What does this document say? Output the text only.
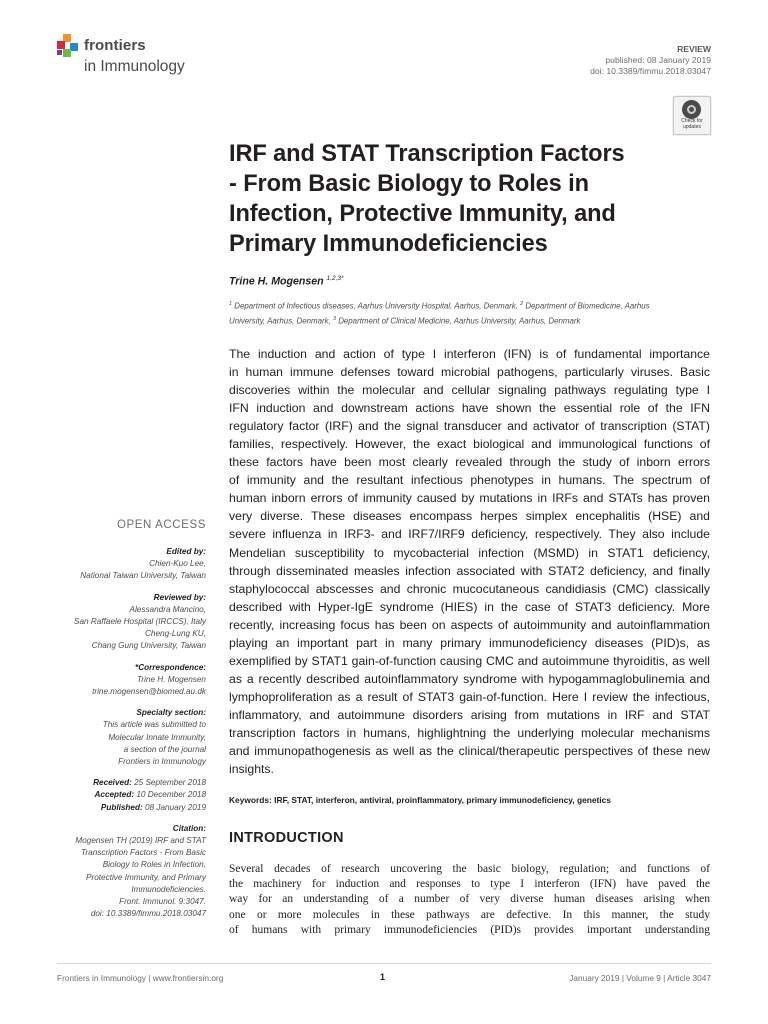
frontiers
in Immunology
REVIEW
published: 08 January 2019
doi: 10.3389/fimmu.2018.03047
Check for updates
IRF and STAT Transcription Factors
- From Basic Biology to Roles in
Infection, Protective Immunity, and
Primary Immunodeficiencies
Trine H. Mogensen $^{1,2,3*}$
$^1$ Department of Infectious diseases, Aarhus University Hospital, Aarhus, Denmark, $^2$ Department of Biomedicine, Aarhus
University, Aarhus, Denmark, $^3$ Department of Clinical Medicine, Aarhus University, Aarhus, Denmark
The induction and action of type I interferon (IFN) is of fundamental importance
in human immune defenses toward microbial pathogens, particularly viruses. Basic
discoveries within the molecular and cellular signaling pathways regulating type I
IFN induction and downstream actions have shown the essential role of the IFN
regulatory factor (IRF) and the signal transducer and activator of transcription (STAT)
families, respectively. However, the exact biological and immunological functions of
these factors have been most clearly revealed through the study of inborn errors
of immunity and the resultant infectious phenotypes in humans. The spectrum of
human inborn errors of immunity caused by mutations in IRFs and STATs has proven
very diverse. These diseases encompass herpes simplex encephalitis (HSE) and
severe influenza in IRF3- and IRF7/IRF9 deficiency, respectively. They also include
Mendelian susceptibility to mycobacterial infection (MSMD) in STAT1 deficiency,
through disseminated measles infection associated with STAT2 deficiency, and finally
staphylococcal abscesses and chronic mucocutaneous candidiasis (CMC) classically
described with Hyper-IgE syndrome (HIES) in the case of STAT3 deficiency. More
recently, increasing focus has been on aspects of autoimmunity and autoinflammation
playing an important part in many primary immunodeficiency diseases (PID)s, as
exemplified by STAT1 gain-of-function causing CMC and autoimmune thyroiditis, as well
as a recently described autoinflammatory syndrome with hypogammaglobulinemia and
lymphoproliferation as a result of STAT3 gain-of-function. Here I review the infectious,
inflammatory, and autoimmune disorders arising from mutations in IRF and STAT
transcription factors in humans, highlightning the underlying molecular mechanisms
and immunopathogenesis as well as the clinical/therapeutic perspectives of these new
insights.
Keywords: IRF, STAT, interferon, antiviral, proinflammatory, primary immunodeficiency, genetics
OPEN ACCESS
Edited by:
Chien-Kuo Lee,
National Taiwan University, Taiwan
Reviewed by:
Alessandra Mancino,
San Raffaele Hospital (IRCCS), Italy
Cheng-Lung KU,
Chang Gung University, Taiwan
*Correspondence:
Trine H. Mogensen
trine.mogensen@biomed.au.dk
Specialty section:
This article was submitted to
Molecular Innate Immunity,
a section of the journal
Frontiers in Immunology
Received: 25 September 2018
Accepted: 10 December 2018
Published: 08 January 2019
Citation:
Mogensen TH (2019) IRF and STAT
Transcription Factors - From Basic
Biology to Roles in Infection,
Protective Immunity, and Primary
Immunodeficiencies.
Front. Immunol. 9:3047.
doi: 10.3389/fimmu.2018.03047
INTRODUCTION
Several decades of research uncovering the basic biology, regulation; and functions of
the machinery for induction and responses to type I interferon (IFN) have paved the
way for an understanding of a number of very diverse human diseases arising when
one or more molecules in these pathways are defective. In this manner, the study
of humans with primary immunodeficiencies (PID)s provides important understanding
Frontiers in Immunology | www.frontiersin.org	1	January 2019 | Volume 9 | Article 3047
